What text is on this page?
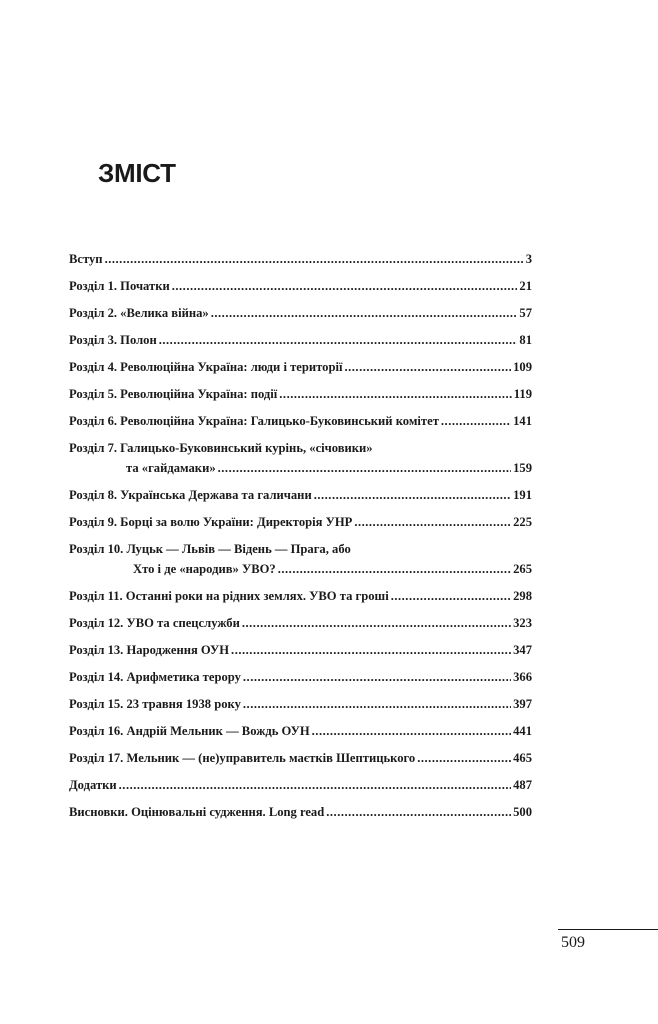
ЗМІСТ
Вступ .....	3
Розділ 1. Початки .....	21
Розділ 2. «Велика війна» .....	57
Розділ 3. Полон .....	81
Розділ 4. Революційна Україна: люди і території .....	109
Розділ 5. Революційна Україна: події .....	119
Розділ 6. Революційна Україна: Галицько-Буковинський комітет .....	141
Розділ 7. Галицько-Буковинський курінь, «січовики»
та «гайдамаки» .....	159
Розділ 8. Українська Держава та галичани .....	191
Розділ 9. Борці за волю України: Директорія УНР .....	225
Розділ 10. Луцьк — Львів — Відень — Прага, або
Хто і де «народив» УВО? .....	265
Розділ 11. Останні роки на рідних землях. УВО та гроші .....	298
Розділ 12. УВО та спецслужби .....	323
Розділ 13. Народження ОУН .....	347
Розділ 14. Арифметика терору .....	366
Розділ 15. 23 травня 1938 року .....	397
Розділ 16. Андрій Мельник — Вождь ОУН .....	441
Розділ 17. Мельник — (не)управитель маєтків Шептицького .....	465
Додатки .....	487
Висновки. Оцінювальні судження. Long read .....	500
509
